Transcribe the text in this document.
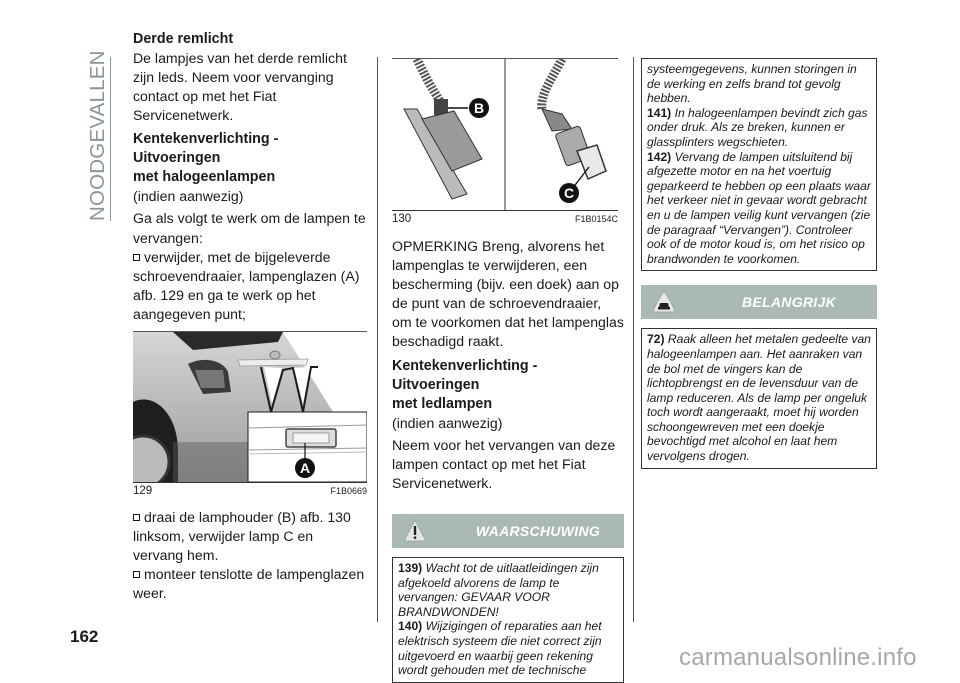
NOODGEVALLEN

Derde remlicht

De lampjes van het derde remlicht zijn leds. Neem voor vervanging contact op met het Fiat Servicenetwerk.

Kentekenverlichting - Uitvoeringen

met halogeenlampen

(indien aanwezig)

Ga als volgt te werk om de lampen te vervangen:

verwijder, met de bijgeleverde schroevendraaier, lampenglazen (A) afb. 129 en ga te werk op het aangegeven punt;

A
129	F1B0669

draai de lamphouder (B) afb. 130 linksom, verwijder lamp C en vervang hem.

monteer tenslotte de lampenglazen weer.

B
C
130	F1B0154C

OPMERKING Breng, alvorens het lampenglas te verwijderen, een bescherming (bijv. een doek) aan op de punt van de schroevendraaier, om te voorkomen dat het lampenglas beschadigd raakt.

Kentekenverlichting - Uitvoeringen

met ledlampen

(indien aanwezig)

Neem voor het vervangen van deze lampen contact op met het Fiat Servicenetwerk.

WAARSCHUWING

139) Wacht tot de uitlaatleidingen zijn afgekoeld alvorens de lamp te vervangen: GEVAAR VOOR BRANDWONDEN!

140) Wijzigingen of reparaties aan het elektrisch systeem die niet correct zijn uitgevoerd en waarbij geen rekening wordt gehouden met de technische

systeemgegevens, kunnen storingen in de werking en zelfs brand tot gevolg hebben.

141) In halogeenlampen bevindt zich gas onder druk. Als ze breken, kunnen er glassplinters wegschieten.

142) Vervang de lampen uitsluitend bij afgezette motor en na het voertuig geparkeerd te hebben op een plaats waar het verkeer niet in gevaar wordt gebracht en u de lampen veilig kunt vervangen (zie de paragraaf “Vervangen”). Controleer ook of de motor koud is, om het risico op brandwonden te voorkomen.

BELANGRIJK

72) Raak alleen het metalen gedeelte van halogeenlampen aan. Het aanraken van de bol met de vingers kan de lichtopbrengst en de levensduur van de lamp reduceren. Als de lamp per ongeluk toch wordt aangeraakt, moet hij worden schoongewreven met een doekje bevochtigd met alcohol en laat hem vervolgens drogen.

162
carmanualsonline.info
